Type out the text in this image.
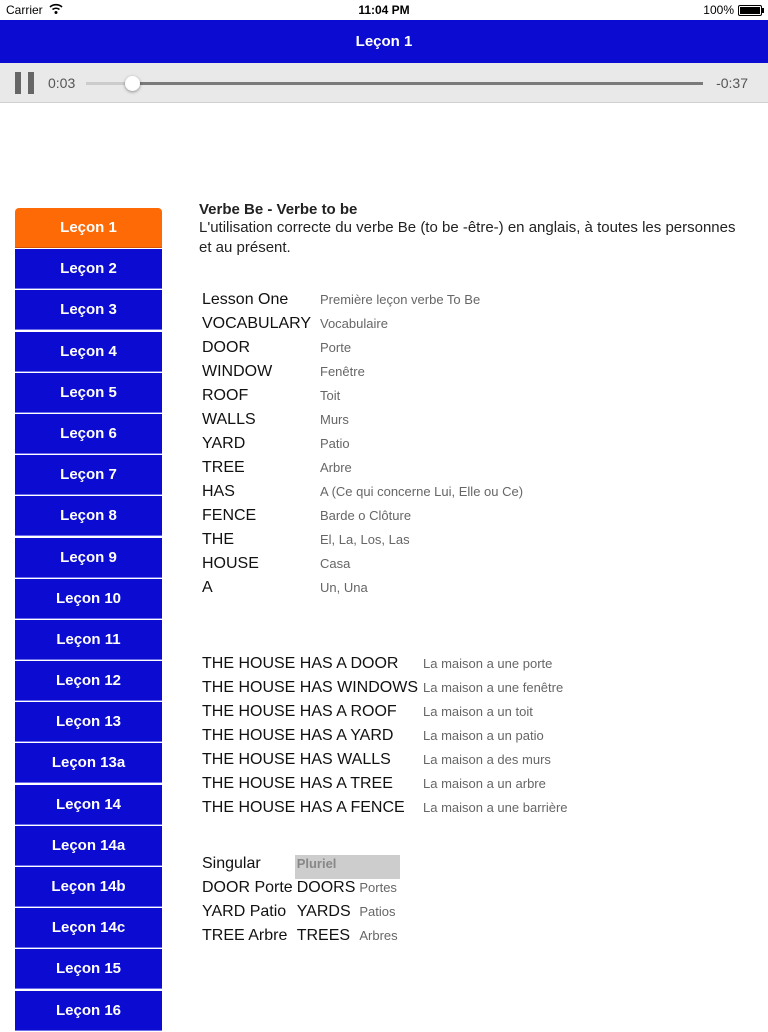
Carrier	11:04 PM	100%
Leçon 1
0:03	-0:37
Leçon 1
Leçon 2
Leçon 3
Leçon 4
Leçon 5
Leçon 6
Leçon 7
Leçon 8
Leçon 9
Leçon 10
Leçon 11
Leçon 12
Leçon 13
Leçon 13a
Leçon 14
Leçon 14a
Leçon 14b
Leçon 14c
Leçon 15
Leçon 16
Verbe Be - Verbe to be
L'utilisation correcte du verbe Be (to be -être-) en anglais, à toutes les personnes et au présent.
Lesson One	Première leçon verbe To Be
VOCABULARY	Vocabulaire
DOOR	Porte
WINDOW	Fenêtre
ROOF	Toit
WALLS	Murs
YARD	Patio
TREE	Arbre
HAS	A (Ce qui concerne Lui, Elle ou Ce)
FENCE	Barde o Clôture
THE	El, La, Los, Las
HOUSE	Casa
A	Un, Una
THE HOUSE HAS A DOOR	La maison a une porte
THE HOUSE HAS WINDOWS	La maison a une fenêtre
THE HOUSE HAS A ROOF	La maison a un toit
THE HOUSE HAS A YARD	La maison a un patio
THE HOUSE HAS WALLS	La maison a des murs
THE HOUSE HAS A TREE	La maison a un arbre
THE HOUSE HAS A FENCE	La maison a une barrière
Singular	Pluriel	
DOOR Porte	DOORS	Portes
YARD Patio	YARDS	Patios
TREE Arbre	TREES	Arbres
